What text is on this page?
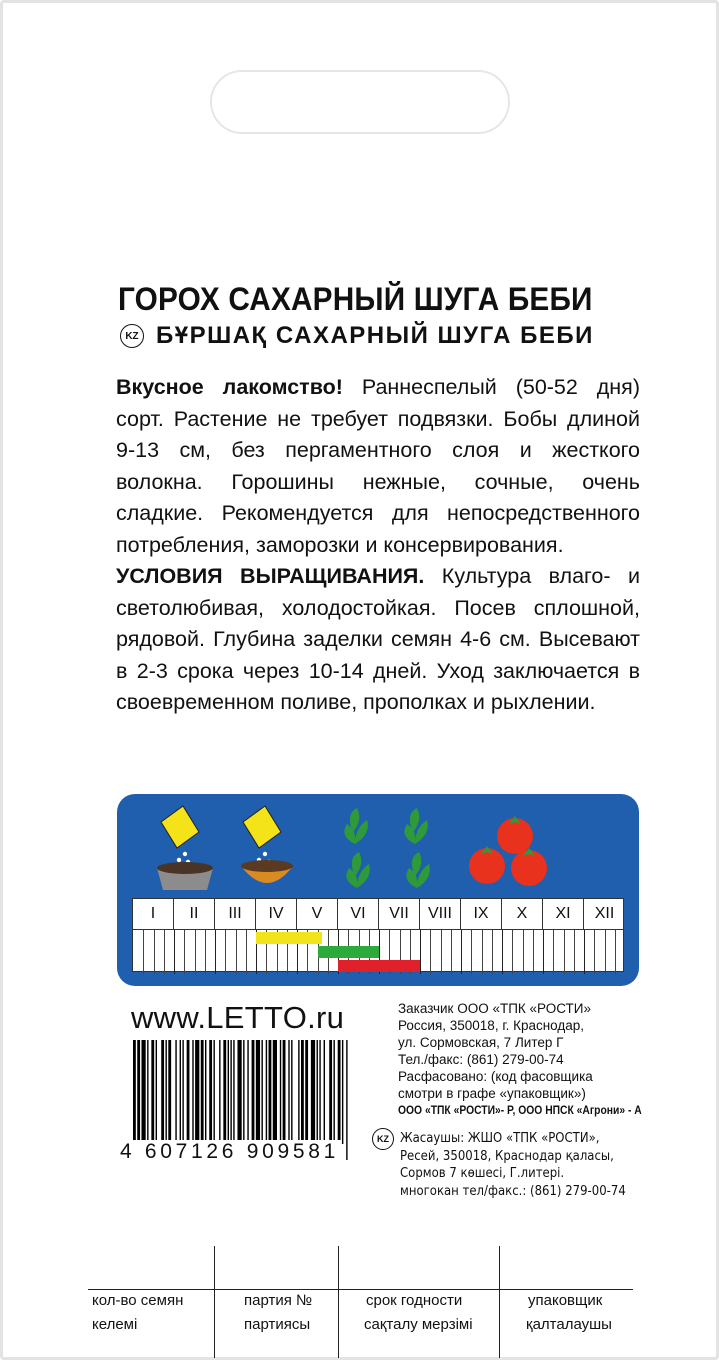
ГОРОХ САХАРНЫЙ ШУГА БЕБИ
KZ БҰРШАҚ САХАРНЫЙ ШУГА БЕБИ
Вкусное лакомство! Раннеспелый (50-52 дня) сорт. Растение не требует подвязки. Бобы длиной 9-13 см, без пергаментного слоя и жесткого волокна. Горошины нежные, сочные, очень сладкие. Рекомендуется для непосредственного потребления, заморозки и консервирования.
УСЛОВИЯ ВЫРАЩИВАНИЯ. Культура влаго- и светолюбивая, холодостойкая. Посев сплошной, рядовой. Глубина заделки семян 4-6 см. Высевают в 2-3 срока через 10-14 дней. Уход заключается в своевременном поливе, прополках и рыхлении.
I	II	III	IV	V	VI	VII	VIII	IX	X	XI	XII
www.LETTO.ru
4 607126 909581
Заказчик ООО «ТПК «РОСТИ»
Россия, 350018, г. Краснодар,
ул. Сормовская, 7 Литер Г
Тел./факс: (861) 279-00-74
Расфасовано: (код фасовщика
смотри в графе «упаковщик»)
ООО «ТПК «РОСТИ»- Р, ООО НПСК «Агрони» - А
KZ Жасаушы: ЖШО «ТПК «РОСТИ»,
Ресей, 350018, Краснодар қаласы,
Сормов 7 көшесі, Г.литері.
многокан тел/факс.: (861) 279-00-74
кол-во семян
келемі
партия №
партиясы
срок годности
сақталу мерзімі
упаковщик
қалталаушы
